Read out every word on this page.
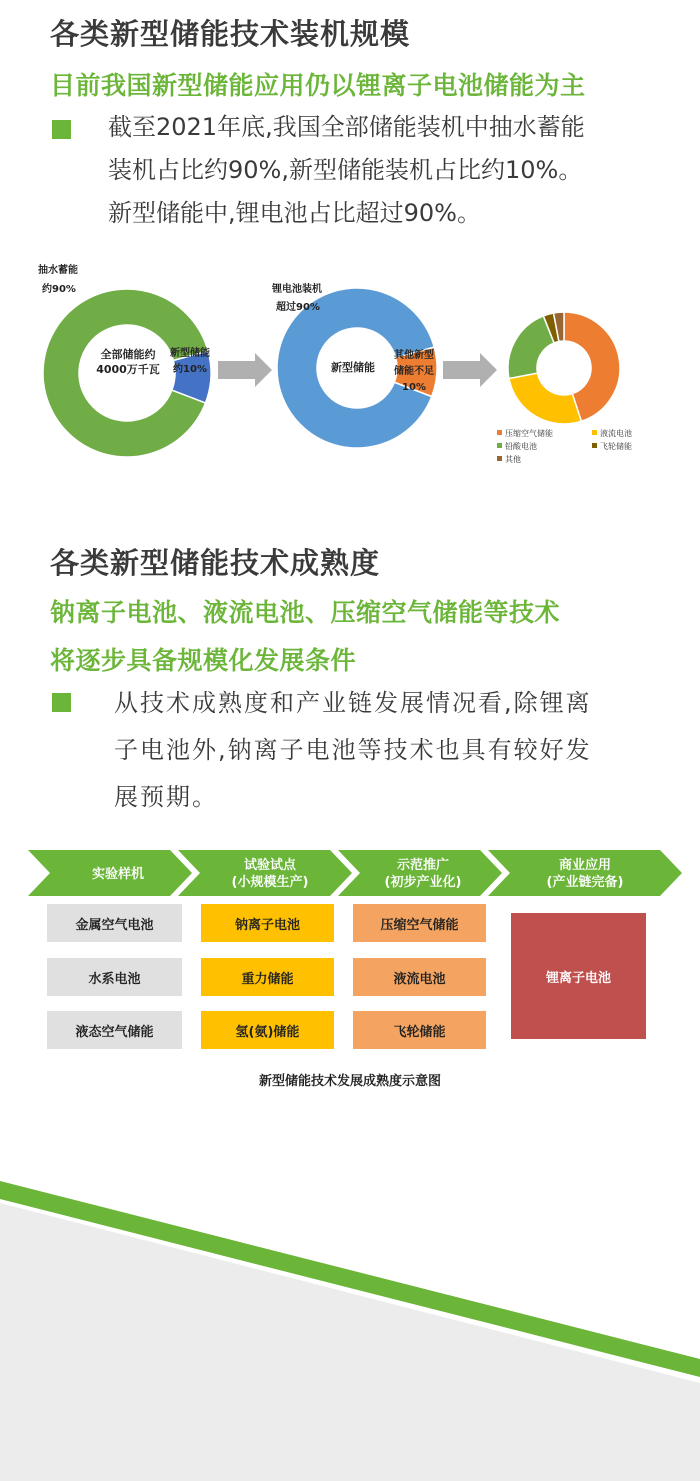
各类新型储能技术装机规模
目前我国新型储能应用仍以锂离子电池储能为主
截至2021年底,我国全部储能装机中抽水蓄能
装机占比约90%,新型储能装机占比约10%。
新型储能中,锂电池占比超过90%。
抽水蓄能
约90%
全部储能约
4000万千瓦
新型储能
约10%
锂电池装机
超过90%
新型储能
其他新型
储能不足
10%
压缩空气储能	液流电池
铅酸电池	飞轮储能
其他
各类新型储能技术成熟度
钠离子电池、液流电池、压缩空气储能等技术
将逐步具备规模化发展条件
从技术成熟度和产业链发展情况看,除锂离
子电池外,钠离子电池等技术也具有较好发
展预期。
实验样机
试验试点
(小规模生产)
示范推广
(初步产业化)
商业应用
(产业链完备)
金属空气电池
水系电池
液态空气储能
钠离子电池
重力储能
氢(氨)储能
压缩空气储能
液流电池
飞轮储能
锂离子电池
新型储能技术发展成熟度示意图
